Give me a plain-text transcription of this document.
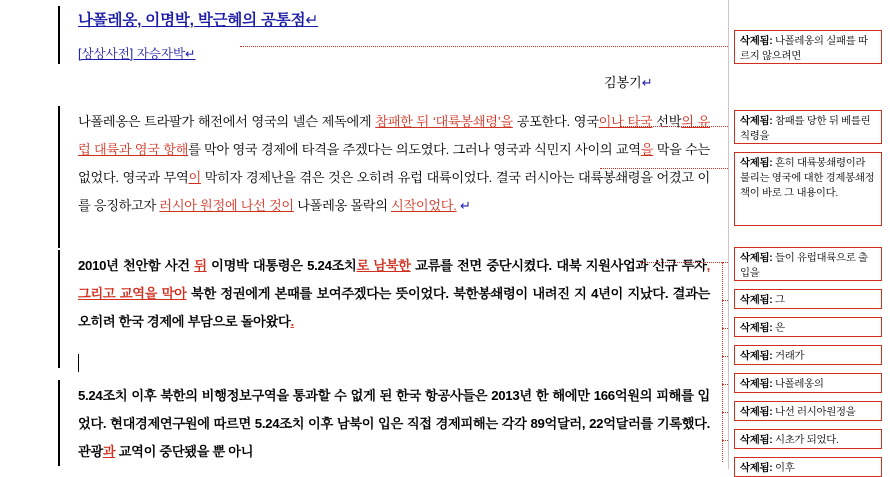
나폴레옹, 이명박, 박근혜의 공통점↵
[상상사전] 자승자박↵
김봉기↵
나폴레옹은 트라팔가 해전에서 영국의 넬슨 제독에게 참패한 뒤 ‘대륙봉쇄령’을 공포한다. 영국이나 타국 선박의 유럽 대륙과 영국 항해를 막아 영국 경제에 타격을 주겠다는 의도였다. 그러나 영국과 식민지 사이의 교역을 막을 수는 없었다. 영국과 무역이 막히자 경제난을 겪은 것은 오히려 유럽 대륙이었다. 결국 러시아는 대륙봉쇄령을 어겼고 이를 응징하고자 러시아 원정에 나선 것이 나폴레옹 몰락의 시작이었다. ↵
2010년 천안함 사건 뒤 이명박 대통령은 5.24조치로 남북한 교류를 전면 중단시켰다. 대북 지원사업과 신규 투자, 그리고 교역을 막아 북한 정권에게 본때를 보여주겠다는 뜻이었다. 북한봉쇄령이 내려진 지 4년이 지났다. 결과는 오히려 한국 경제에 부담으로 돌아왔다.
5.24조치 이후 북한의 비행정보구역을 통과할 수 없게 된 한국 항공사들은 2013년 한 해에만 166억원의 피해를 입었다. 현대경제연구원에 따르면 5.24조치 이후 남북이 입은 직접 경제피해는 각각 89억달러, 22억달러를 기록했다. 관광과 교역이 중단됐을 뿐 아니
삭제됨: 나폴레옹의 실패를 따르지 않으려면
삭제됨: 참패를 당한 뒤 베를린 칙령을
삭제됨: 흔히 대륙봉쇄령이라 불리는 영국에 대한 경제봉쇄정책이 바로 그 내용이다.
삭제됨: 들이 유럽대륙으로 출입을
삭제됨: 그
삭제됨: 은
삭제됨: 거래가
삭제됨: 나폴레옹의
삭제됨: 나선 러시아원정을
삭제됨: 시초가 되었다.
삭제됨: 이후
